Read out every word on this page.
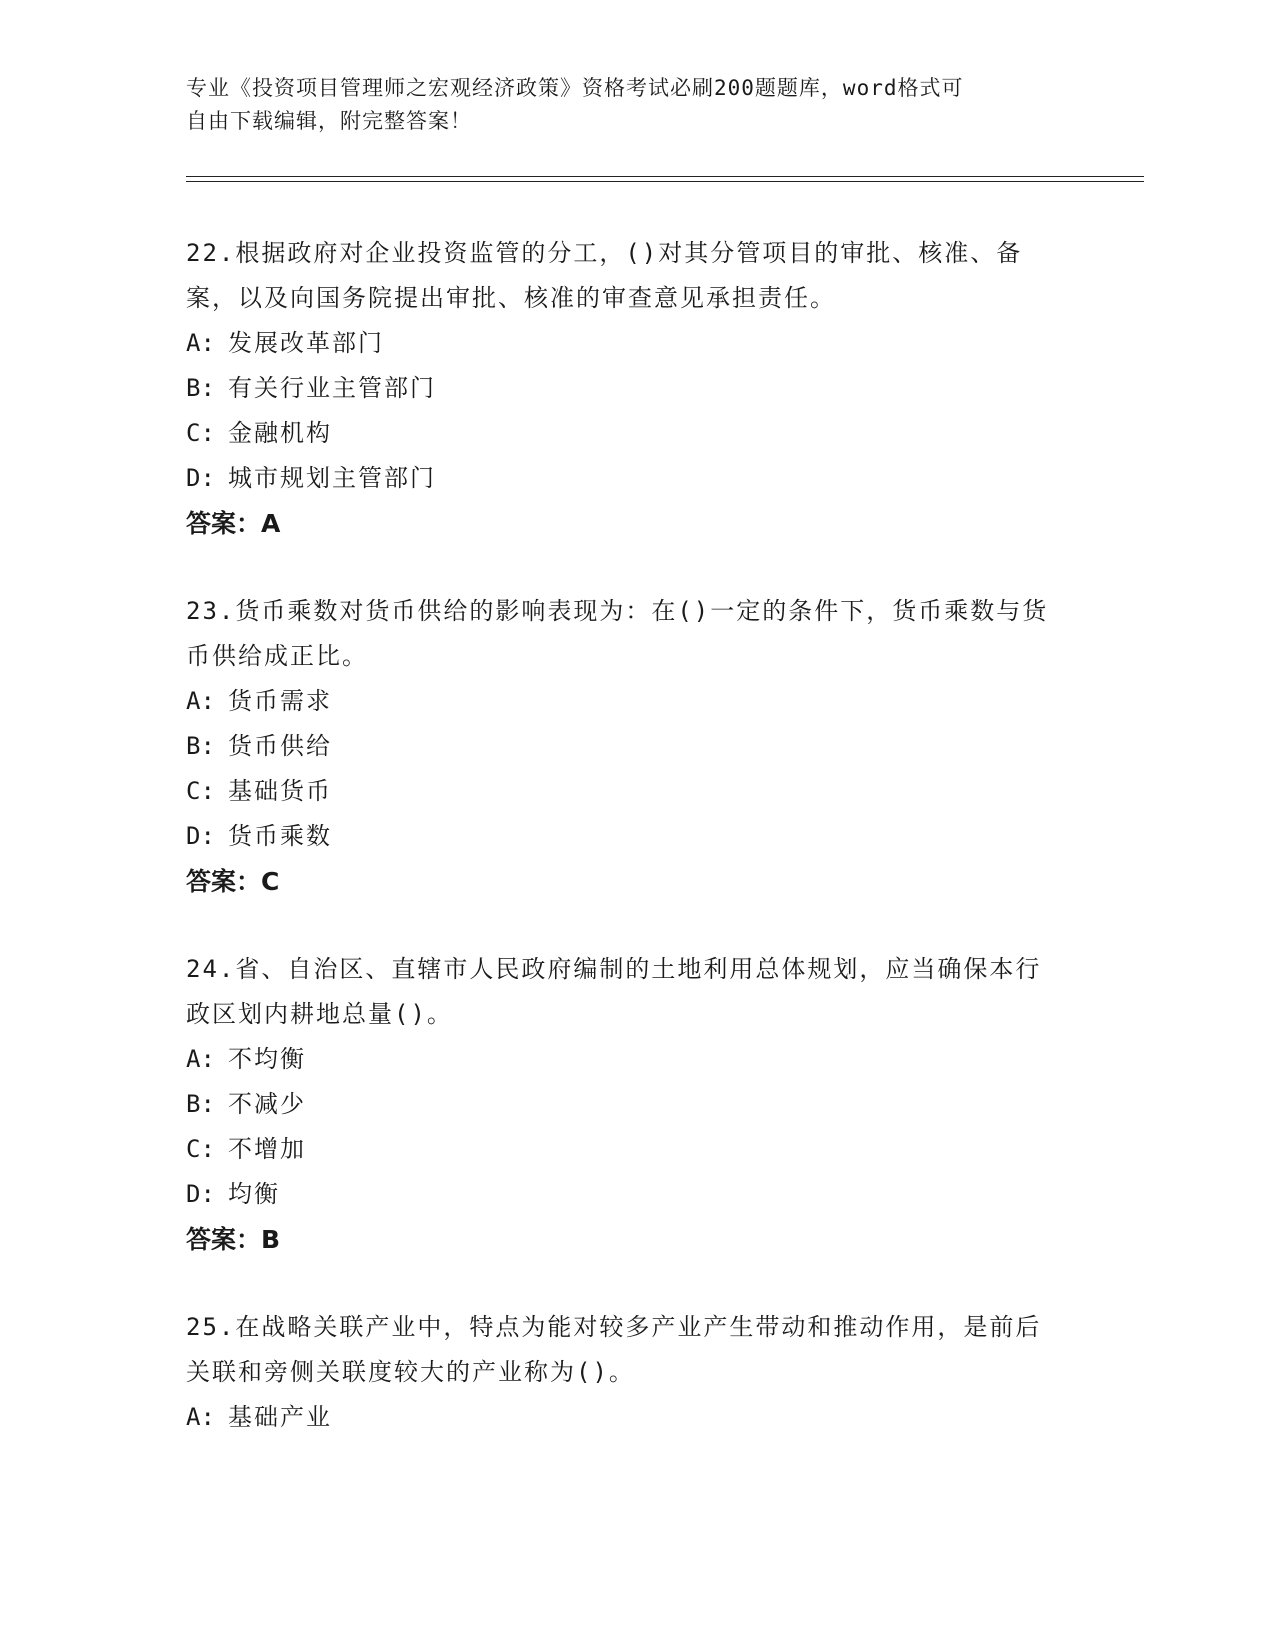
专业《投资项目管理师之宏观经济政策》资格考试必刷200题题库，word格式可
自由下载编辑，附完整答案！
22.根据政府对企业投资监管的分工，()对其分管项目的审批、核准、备案，以及向国务院提出审批、核准的审查意见承担责任。
A: 发展改革部门
B: 有关行业主管部门
C: 金融机构
D: 城市规划主管部门
答案：A
23.货币乘数对货币供给的影响表现为：在()一定的条件下，货币乘数与货币供给成正比。
A: 货币需求
B: 货币供给
C: 基础货币
D: 货币乘数
答案：C
24.省、自治区、直辖市人民政府编制的土地利用总体规划，应当确保本行政区划内耕地总量()。
A: 不均衡
B: 不减少
C: 不增加
D: 均衡
答案：B
25.在战略关联产业中，特点为能对较多产业产生带动和推动作用，是前后关联和旁侧关联度较大的产业称为()。
A: 基础产业
